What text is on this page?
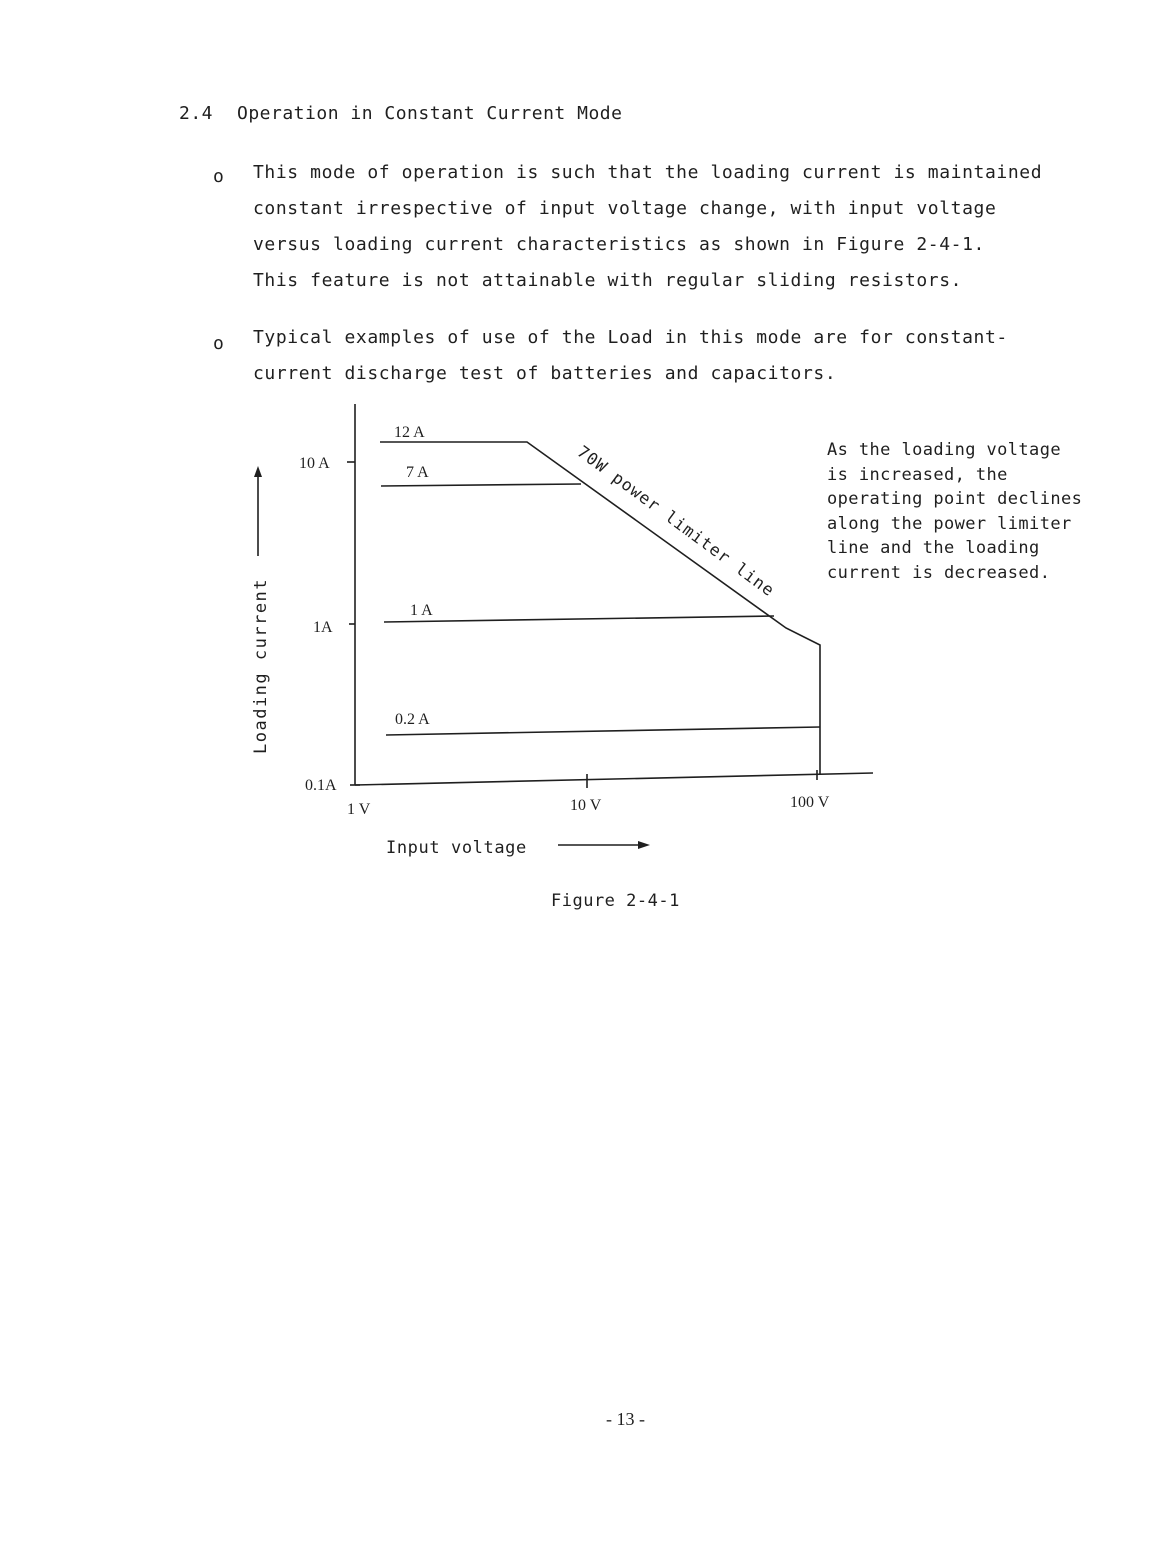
2.4 Operation in Constant Current Mode
o This mode of operation is such that the loading current is maintained
constant irrespective of input voltage change, with input voltage
versus loading current characteristics as shown in Figure 2-4-1.
This feature is not attainable with regular sliding resistors.
o Typical examples of use of the Load in this mode are for constant-
current discharge test of batteries and capacitors.
10 A
1A
0.1A
1 V	10 V	100 V
12 A
7 A
1 A
0.2 A
70W power limiter line
Loading current
Input voltage
As the loading voltage
is increased, the
operating point declines
along the power limiter
line and the loading
current is decreased.
Figure 2-4-1
- 13 -
